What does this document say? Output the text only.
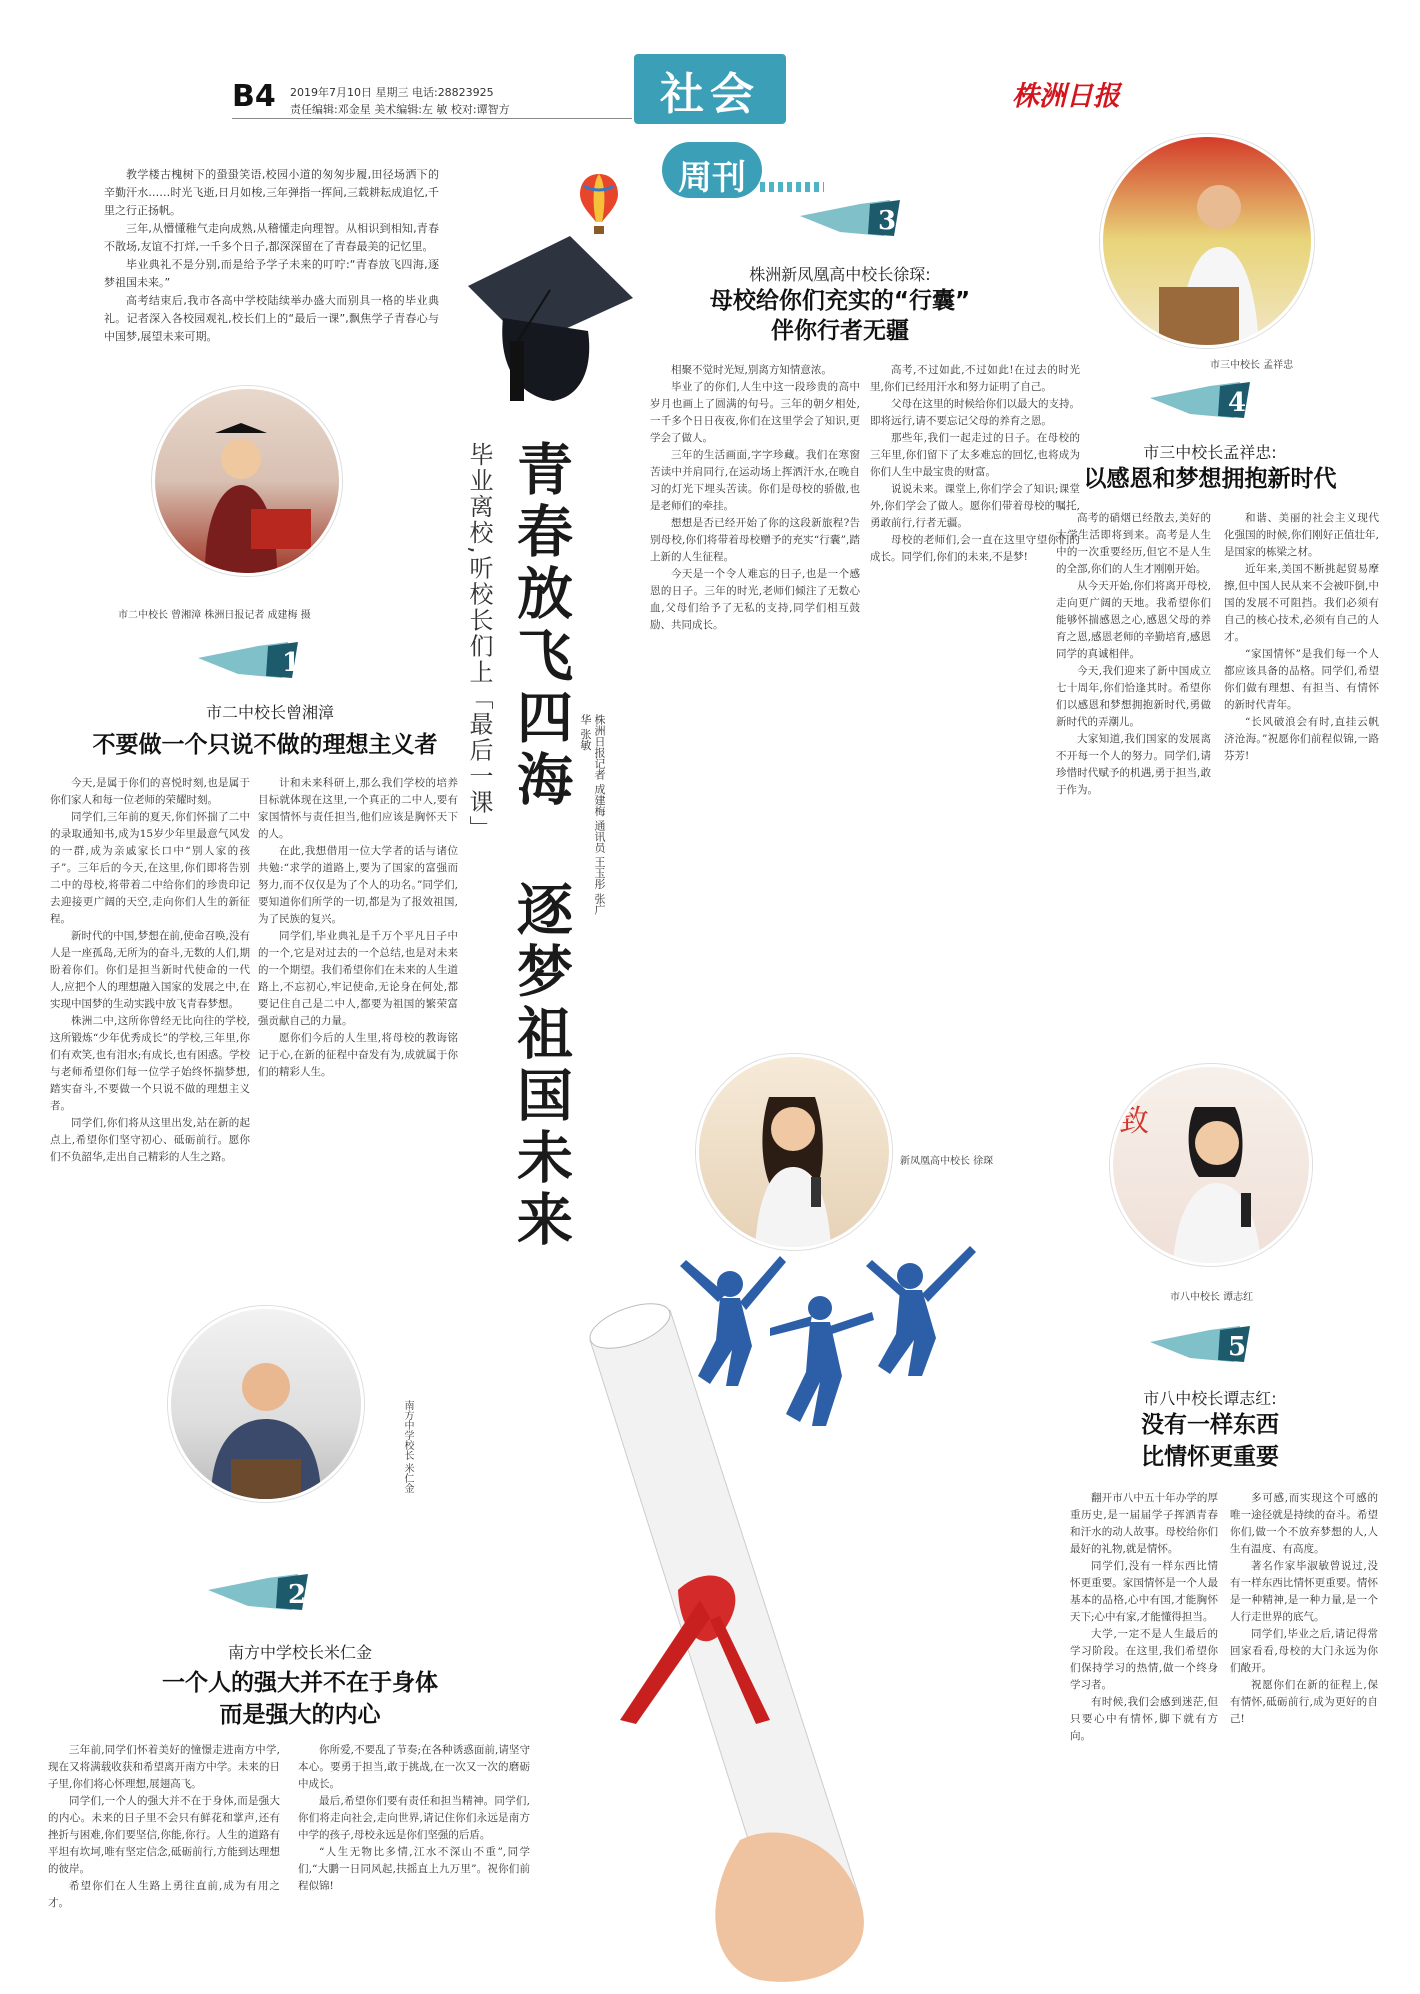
B4 2019年7月10日 星期三 电话:28823925
责任编辑:邓金星 美术编辑:左 敏 校对:谭智方	社会
周刊
株洲日报

教学楼古槐树下的蛩蛩笑语,校园小道的匆匆步履,田径场洒下的辛勤汗水……时光飞逝,日月如梭,三年弹指一挥间,三载耕耘成追忆,千里之行正扬帆。

三年,从懵懂稚气走向成熟,从稽懂走向理智。从相识到相知,青春不散场,友谊不打烊,一千多个日子,都深深留在了青春最美的记忆里。

毕业典礼不是分别,而是给予学子未来的叮咛:“青春放飞四海,逐梦祖国未来。”

高考结束后,我市各高中学校陆续举办盛大而别具一格的毕业典礼。记者深入各校园观礼,校长们上的“最后一课”,飘焦学子青春心与中国梦,展望未来可期。

青春放飞四海
逐梦祖国未来
毕业离校,听校长们上「最后一课」	株洲日报记者 成建梅 通讯员 王玉彤 张广华 张敏
市二中校长 曾湘漳 株洲日报记者 成建梅 摄
1.
市二中校长曾湘漳
不要做一个只说不做的理想主义者

今天,是属于你们的喜悦时刻,也是属于你们家人和每一位老师的荣耀时刻。

同学们,三年前的夏天,你们怀揣了二中的录取通知书,成为15岁少年里最意气风发的一群,成为亲戚家长口中“别人家的孩子”。三年后的今天,在这里,你们即将告别二中的母校,将带着二中给你们的珍贵印记去迎接更广阔的天空,走向你们人生的新征程。

新时代的中国,梦想在前,使命召唤,没有人是一座孤岛,无所为的奋斗,无数的人们,期盼着你们。你们是担当新时代使命的一代人,应把个人的理想融入国家的发展之中,在实现中国梦的生动实践中放飞青春梦想。

株洲二中,这所你曾经无比向往的学校,这所锻炼“少年优秀成长”的学校,三年里,你们有欢笑,也有泪水;有成长,也有困惑。学校与老师希望你们每一位学子始终怀揣梦想,踏实奋斗,不要做一个只说不做的理想主义者。

同学们,你们将从这里出发,站在新的起点上,希望你们坚守初心、砥砺前行。愿你们不负韶华,走出自己精彩的人生之路。

计和未来科研上,那么我们学校的培养目标就体现在这里,一个真正的二中人,要有家国情怀与责任担当,他们应该是胸怀天下的人。

在此,我想借用一位大学者的话与诸位共勉:“求学的道路上,要为了国家的富强而努力,而不仅仅是为了个人的功名。”同学们,要知道你们所学的一切,都是为了报效祖国,为了民族的复兴。

同学们,毕业典礼是千万个平凡日子中的一个,它是对过去的一个总结,也是对未来的一个期望。我们希望你们在未来的人生道路上,不忘初心,牢记使命,无论身在何处,都要记住自己是二中人,都要为祖国的繁荣富强贡献自己的力量。

愿你们今后的人生里,将母校的教诲铭记于心,在新的征程中奋发有为,成就属于你们的精彩人生。

南方中学校长 米仁金
2.
南方中学校长米仁金
一个人的强大并不在于身体
而是强大的内心

三年前,同学们怀着美好的憧憬走进南方中学,现在又将满载收获和希望离开南方中学。未来的日子里,你们将心怀理想,展翅高飞。

同学们,一个人的强大并不在于身体,而是强大的内心。未来的日子里不会只有鲜花和掌声,还有挫折与困难,你们要坚信,你能,你行。人生的道路有平坦有坎坷,唯有坚定信念,砥砺前行,方能到达理想的彼岸。

希望你们在人生路上勇往直前,成为有用之才。

你所爱,不要乱了节奏;在各种诱惑面前,请坚守本心。要勇于担当,敢于挑战,在一次又一次的磨砺中成长。

最后,希望你们要有责任和担当精神。同学们,你们将走向社会,走向世界,请记住你们永远是南方中学的孩子,母校永远是你们坚强的后盾。

“人生无物比多情,江水不深山不重”,同学们,“大鹏一日同风起,扶摇直上九万里”。祝你们前程似锦!

3.
株洲新凤凰高中校长徐琛:
母校给你们充实的“行囊”
伴你行者无疆

相聚不觉时光短,别离方知情意浓。

毕业了的你们,人生中这一段珍贵的高中岁月也画上了圆满的句号。三年的朝夕相处,一千多个日日夜夜,你们在这里学会了知识,更学会了做人。

三年的生活画面,字字珍藏。我们在寒窗苦读中并肩同行,在运动场上挥洒汗水,在晚自习的灯光下埋头苦读。你们是母校的骄傲,也是老师们的牵挂。

想想是否已经开始了你的这段新旅程?告别母校,你们将带着母校赠予的充实“行囊”,踏上新的人生征程。

今天是一个令人难忘的日子,也是一个感恩的日子。三年的时光,老师们倾注了无数心血,父母们给予了无私的支持,同学们相互鼓励、共同成长。

高考,不过如此,不过如此!在过去的时光里,你们已经用汗水和努力证明了自己。

父母在这里的时候给你们以最大的支持。即将远行,请不要忘记父母的养育之恩。

那些年,我们一起走过的日子。在母校的三年里,你们留下了太多难忘的回忆,也将成为你们人生中最宝贵的财富。

说说未来。课堂上,你们学会了知识;课堂外,你们学会了做人。愿你们带着母校的嘱托,勇敢前行,行者无疆。

母校的老师们,会一直在这里守望你们的成长。同学们,你们的未来,不是梦!

新凤凰高中校长 徐琛
市三中校长 孟祥忠
4.
市三中校长孟祥忠:
以感恩和梦想拥抱新时代

高考的硝烟已经散去,美好的大学生活即将到来。高考是人生中的一次重要经历,但它不是人生的全部,你们的人生才刚刚开始。

从今天开始,你们将离开母校,走向更广阔的天地。我希望你们能够怀揣感恩之心,感恩父母的养育之恩,感恩老师的辛勤培育,感恩同学的真诚相伴。

今天,我们迎来了新中国成立七十周年,你们恰逢其时。希望你们以感恩和梦想拥抱新时代,勇做新时代的弄潮儿。

大家知道,我们国家的发展离不开每一个人的努力。同学们,请珍惜时代赋予的机遇,勇于担当,敢于作为。

和谐、美丽的社会主义现代化强国的时候,你们刚好正值壮年,是国家的栋梁之材。

近年来,美国不断挑起贸易摩擦,但中国人民从来不会被吓倒,中国的发展不可阻挡。我们必须有自己的核心技术,必须有自己的人才。

“家国情怀”是我们每一个人都应该具备的品格。同学们,希望你们做有理想、有担当、有情怀的新时代青年。

“长风破浪会有时,直挂云帆济沧海。”祝愿你们前程似锦,一路芬芳!

致
市八中校长 谭志红
5.
市八中校长谭志红:
没有一样东西
比情怀更重要

翻开市八中五十年办学的厚重历史,是一届届学子挥洒青春和汗水的动人故事。母校给你们最好的礼物,就是情怀。

同学们,没有一样东西比情怀更重要。家国情怀是一个人最基本的品格,心中有国,才能胸怀天下;心中有家,才能懂得担当。

大学,一定不是人生最后的学习阶段。在这里,我们希望你们保持学习的热情,做一个终身学习者。

有时候,我们会感到迷茫,但只要心中有情怀,脚下就有方向。

多可感,而实现这个可感的唯一途径就是持续的奋斗。希望你们,做一个不放弃梦想的人,人生有温度、有高度。

著名作家毕淑敏曾说过,没有一样东西比情怀更重要。情怀是一种精神,是一种力量,是一个人行走世界的底气。

同学们,毕业之后,请记得常回家看看,母校的大门永远为你们敞开。

祝愿你们在新的征程上,保有情怀,砥砺前行,成为更好的自己!
